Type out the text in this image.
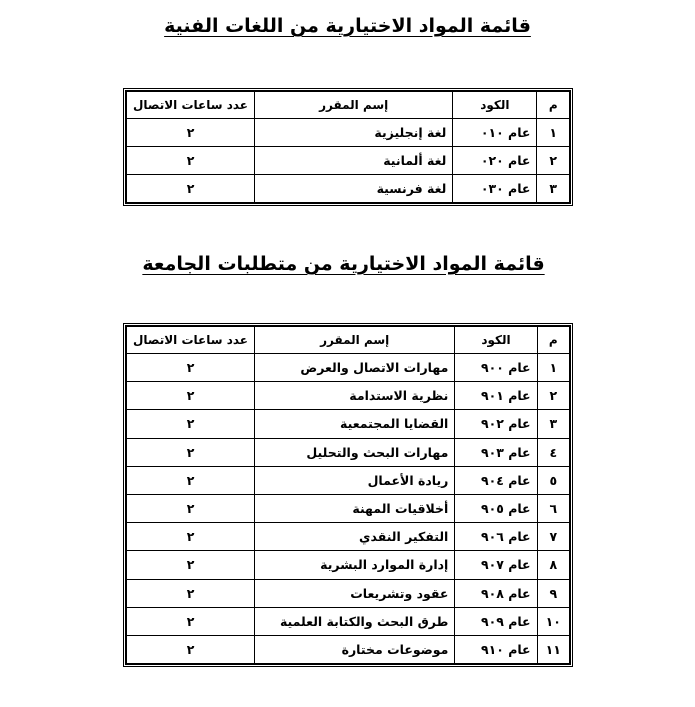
قائمة المواد الاختيارية من اللغات الفنية
م	الكود	إسم المقرر	عدد ساعات الاتصال
١	عام ٠١٠	لغة إنجليزية	٢
٢	عام ٠٢٠	لغة ألمانية	٢
٣	عام ٠٣٠	لغة فرنسية	٢
قائمة المواد الاختيارية من متطلبات الجامعة
م	الكود	إسم المقرر	عدد ساعات الاتصال
١	عام ٩٠٠	مهارات الاتصال والعرض	٢
٢	عام ٩٠١	نظرية الاستدامة	٢
٣	عام ٩٠٢	القضايا المجتمعية	٢
٤	عام ٩٠٣	مهارات البحث والتحليل	٢
٥	عام ٩٠٤	ريادة الأعمال	٢
٦	عام ٩٠٥	أخلاقيات المهنة	٢
٧	عام ٩٠٦	التفكير النقدي	٢
٨	عام ٩٠٧	إدارة الموارد البشرية	٢
٩	عام ٩٠٨	عقود وتشريعات	٢
١٠	عام ٩٠٩	طرق البحث والكتابة العلمية	٢
١١	عام ٩١٠	موضوعات مختارة	٢
